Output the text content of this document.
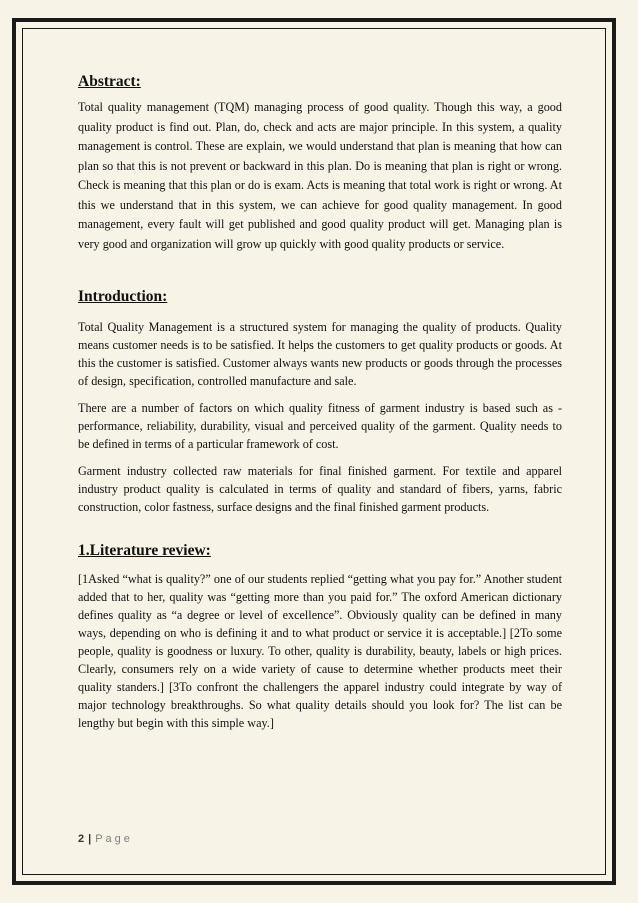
Abstract:

Total quality management (TQM) managing process of good quality. Though this way, a good quality product is find out. Plan, do, check and acts are major principle. In this system, a quality management is control. These are explain, we would understand that plan is meaning that how can plan so that this is not prevent or backward in this plan. Do is meaning that plan is right or wrong. Check is meaning that this plan or do is exam. Acts is meaning that total work is right or wrong. At this we understand that in this system, we can achieve for good quality management. In good management, every fault will get published and good quality product will get. Managing plan is very good and organization will grow up quickly with good quality products or service.

Introduction:

Total Quality Management is a structured system for managing the quality of products. Quality means customer needs is to be satisfied. It helps the customers to get quality products or goods. At this the customer is satisfied. Customer always wants new products or goods through the processes of design, specification, controlled manufacture and sale.

There are a number of factors on which quality fitness of garment industry is based such as - performance, reliability, durability, visual and perceived quality of the garment. Quality needs to be defined in terms of a particular framework of cost.

Garment industry collected raw materials for final finished garment. For textile and apparel industry product quality is calculated in terms of quality and standard of fibers, yarns, fabric construction, color fastness, surface designs and the final finished garment products.

1.Literature review:

[1Asked “what is quality?” one of our students replied “getting what you pay for.” Another student added that to her, quality was “getting more than you paid for.” The oxford American dictionary defines quality as “a degree or level of excellence”. Obviously quality can be defined in many ways, depending on who is defining it and to what product or service it is acceptable.] [2To some people, quality is goodness or luxury. To other, quality is durability, beauty, labels or high prices. Clearly, consumers rely on a wide variety of cause to determine whether products meet their quality standers.] [3To confront the challengers the apparel industry could integrate by way of major technology breakthroughs. So what quality details should you look for? The list can be lengthy but begin with this simple way.]

2 | Page
